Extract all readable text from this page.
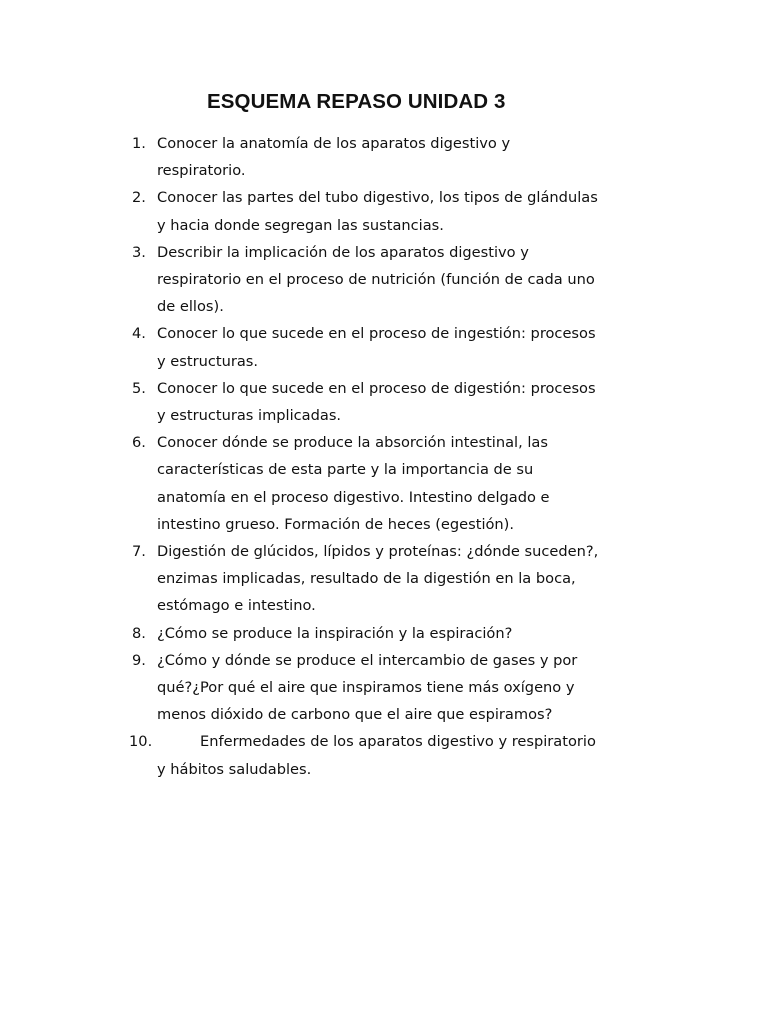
ESQUEMA REPASO UNIDAD 3
1. Conocer la anatomía de los aparatos digestivo y
respiratorio.
2. Conocer las partes del tubo digestivo, los tipos de glándulas
y hacia donde segregan las sustancias.
3. Describir la implicación de los aparatos digestivo y
respiratorio en el proceso de nutrición (función de cada uno
de ellos).
4. Conocer lo que sucede en el proceso de ingestión: procesos
y estructuras.
5. Conocer lo que sucede en el proceso de digestión: procesos
y estructuras implicadas.
6. Conocer dónde se produce la absorción intestinal, las
características de esta parte y la importancia de su
anatomía en el proceso digestivo. Intestino delgado e
intestino grueso. Formación de heces (egestión).
7. Digestión de glúcidos, lípidos y proteínas: ¿dónde suceden?,
enzimas implicadas, resultado de la digestión en la boca,
estómago e intestino.
8. ¿Cómo se produce la inspiración y la espiración?
9. ¿Cómo y dónde se produce el intercambio de gases y por
qué?¿Por qué el aire que inspiramos tiene más oxígeno y
menos dióxido de carbono que el aire que espiramos?
10.	Enfermedades de los aparatos digestivo y respiratorio
y hábitos saludables.
